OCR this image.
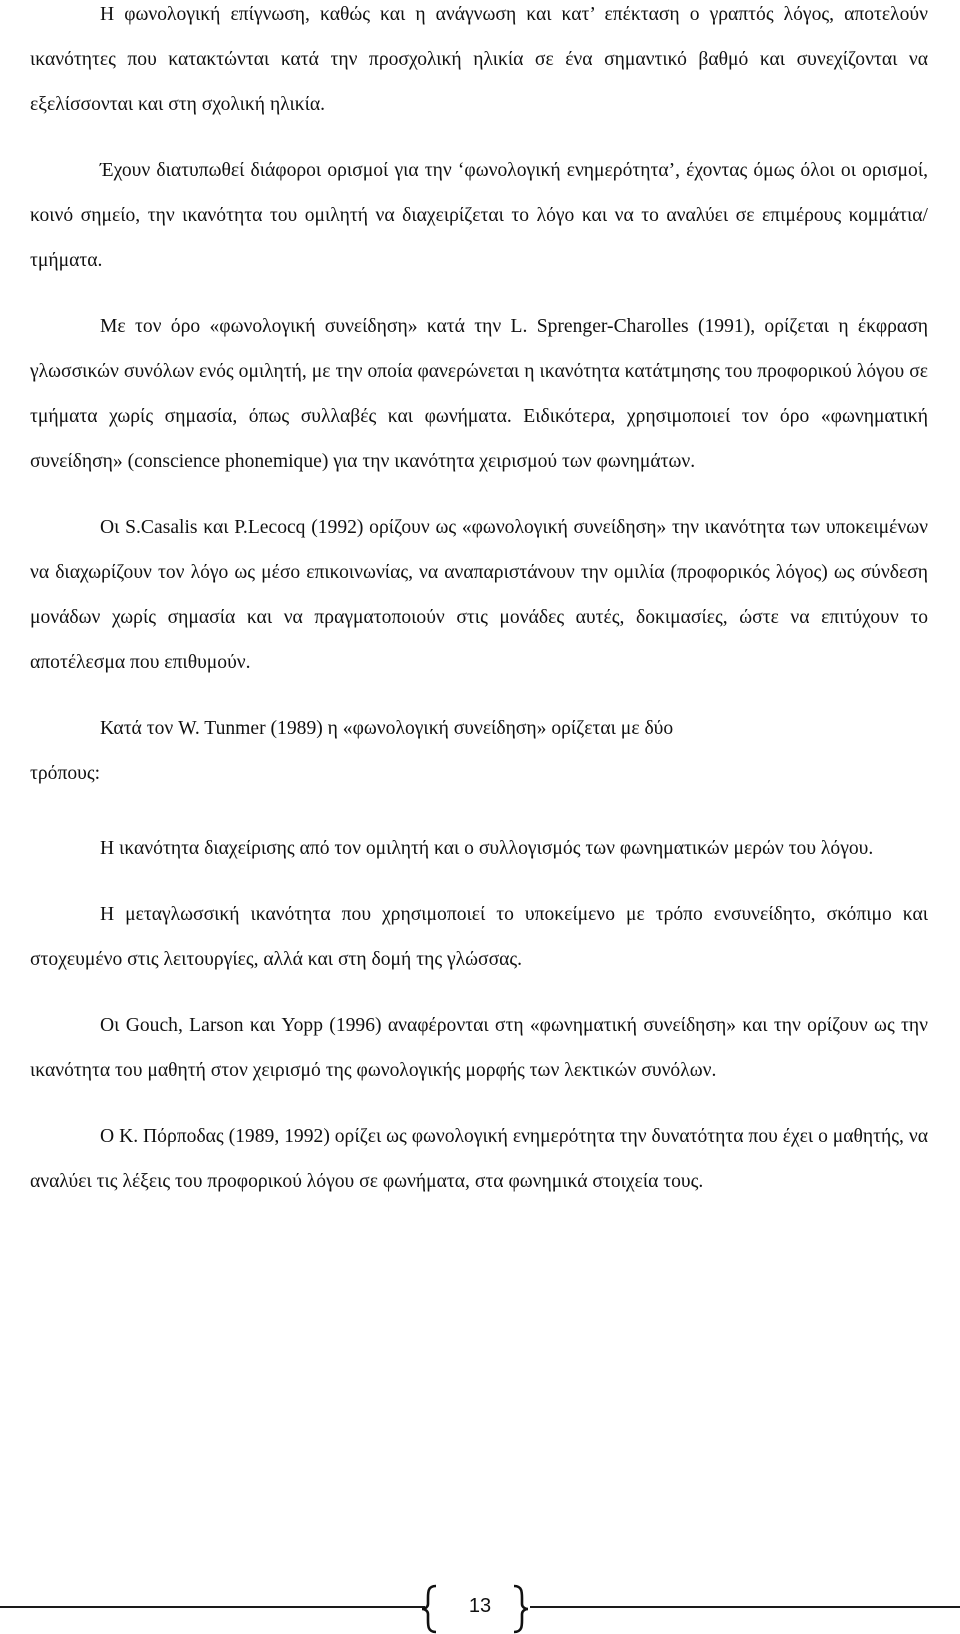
Η φωνολογική επίγνωση, καθώς και η ανάγνωση και κατ’ επέκταση ο γραπτός λόγος, αποτελούν ικανότητες που κατακτώνται κατά την προσχολική ηλικία σε ένα σημαντικό βαθμό και συνεχίζονται να εξελίσσονται και στη σχολική ηλικία.

Έχουν διατυπωθεί διάφοροι ορισμοί για την ‘φωνολογική ενημερότητα’, έχοντας όμως όλοι οι ορισμοί, κοινό σημείο, την ικανότητα του ομιλητή να διαχειρίζεται το λόγο και να το αναλύει σε επιμέρους κομμάτια/τμήματα.

Με τον όρο «φωνολογική συνείδηση» κατά την L. Sprenger-Charolles (1991), ορίζεται η έκφραση γλωσσικών συνόλων ενός ομιλητή, με την οποία φανερώνεται η ικανότητα κατάτμησης του προφορικού λόγου σε τμήματα χωρίς σημασία, όπως συλλαβές και φωνήματα. Ειδικότερα, χρησιμοποιεί τον όρο «φωνηματική συνείδηση» (conscience phonemique) για την ικανότητα χειρισμού των φωνημάτων.

Οι S.Casalis και P.Lecocq (1992) ορίζουν ως «φωνολογική συνείδηση» την ικανότητα των υποκειμένων να διαχωρίζουν τον λόγο ως μέσο επικοινωνίας, να αναπαριστάνουν την ομιλία (προφορικός λόγος) ως σύνδεση μονάδων χωρίς σημασία και να πραγματοποιούν στις μονάδες αυτές, δοκιμασίες, ώστε να επιτύχουν το αποτέλεσμα που επιθυμούν.

Κατά τον W. Tunmer (1989) η «φωνολογική συνείδηση» ορίζεται με δύο

τρόπους:

Η ικανότητα διαχείρισης από τον ομιλητή και ο συλλογισμός των φωνηματικών μερών του λόγου.

Η μεταγλωσσική ικανότητα που χρησιμοποιεί το υποκείμενο με τρόπο ενσυνείδητο, σκόπιμο και στοχευμένο στις λειτουργίες, αλλά και στη δομή της γλώσσας.

Οι Gouch, Larson και Yopp (1996) αναφέρονται στη «φωνηματική συνείδηση» και την ορίζουν ως την ικανότητα του μαθητή στον χειρισμό της φωνολογικής μορφής των λεκτικών συνόλων.

Ο Κ. Πόρποδας (1989, 1992) ορίζει ως φωνολογική ενημερότητα την δυνατότητα που έχει ο μαθητής, να αναλύει τις λέξεις του προφορικού λόγου σε φωνήματα, στα φωνημικά στοιχεία τους.

13
